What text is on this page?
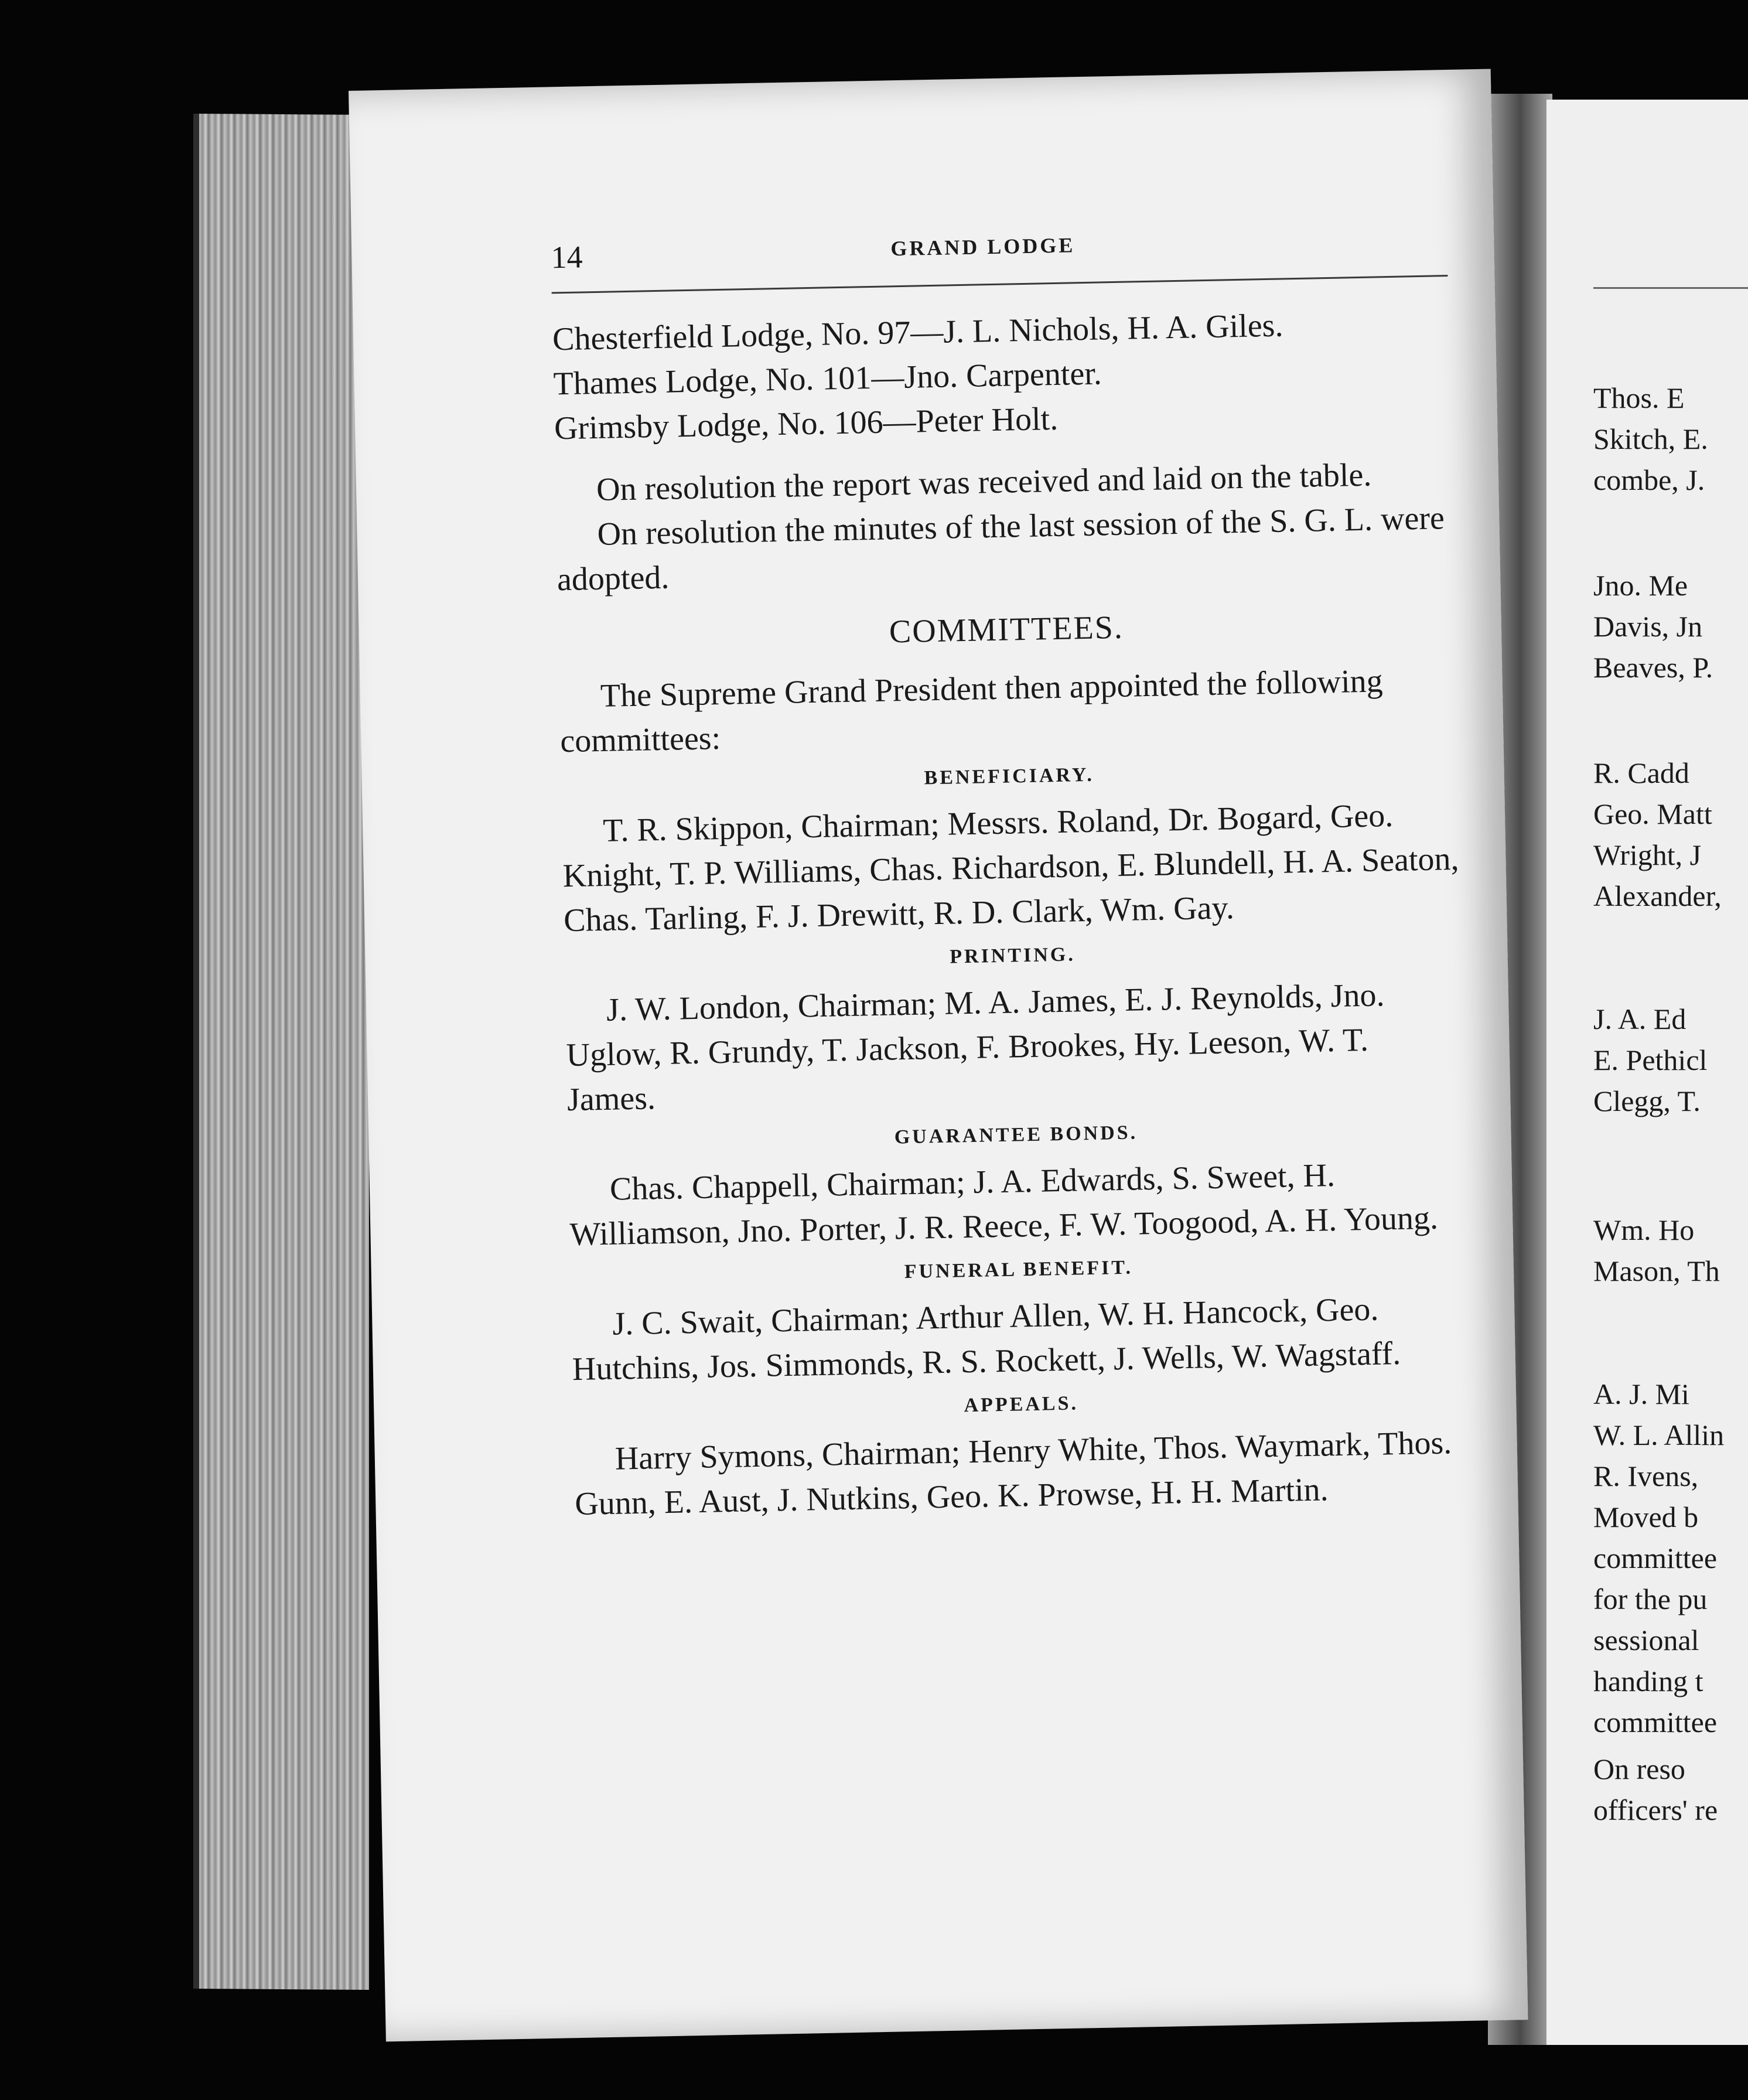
Thos. E
Skitch, E.
combe, J.
Jno. Me
Davis, Jn
Beaves, P.
R. Cadd
Geo. Matt
Wright, J
Alexander,
J. A. Ed
E. Pethicl
Clegg, T.
Wm. Ho
Mason, Th
A. J. Mi
W. L. Allin
R. Ivens,
Moved b
committee
for the pu
sessional
handing t
committee
On reso
officers' re
14	GRAND LODGE

Chesterfield Lodge, No. 97—J. L. Nichols, H. A. Giles.

Thames Lodge, No. 101—Jno. Carpenter.

Grimsby Lodge, No. 106—Peter Holt.

On resolution the report was received and laid on the table.

On resolution the minutes of the last session of the S. G. L. were adopted.

COMMITTEES.

The Supreme Grand President then appointed the following committees:

BENEFICIARY.

T. R. Skippon, Chairman; Messrs. Roland, Dr. Bogard, Geo. Knight, T. P. Williams, Chas. Richardson, E. Blundell, H. A. Seaton, Chas. Tarling, F. J. Drewitt, R. D. Clark, Wm. Gay.

PRINTING.

J. W. London, Chairman; M. A. James, E. J. Reynolds, Jno. Uglow, R. Grundy, T. Jackson, F. Brookes, Hy. Leeson, W. T. James.

GUARANTEE BONDS.

Chas. Chappell, Chairman; J. A. Edwards, S. Sweet, H. Williamson, Jno. Porter, J. R. Reece, F. W. Toogood, A. H. Young.

FUNERAL BENEFIT.

J. C. Swait, Chairman; Arthur Allen, W. H. Hancock, Geo. Hutchins, Jos. Simmonds, R. S. Rockett, J. Wells, W. Wagstaff.

APPEALS.

Harry Symons, Chairman; Henry White, Thos. Waymark, Thos. Gunn, E. Aust, J. Nutkins, Geo. K. Prowse, H. H. Martin.
